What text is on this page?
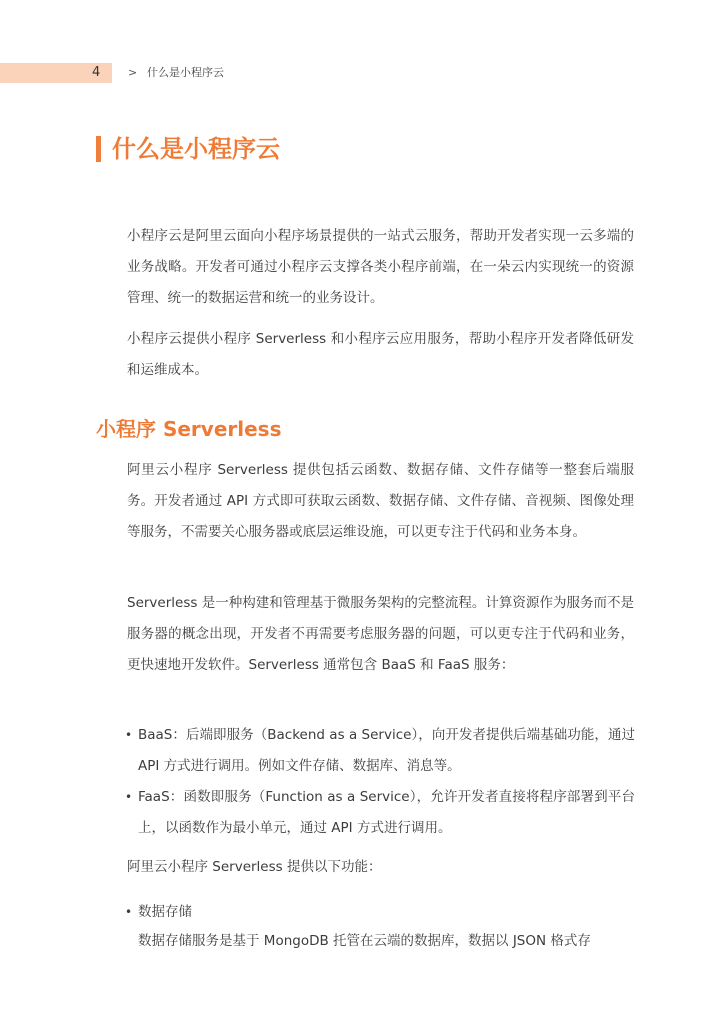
4	> 什么是小程序云
什么是小程序云

小程序云是阿里云面向小程序场景提供的一站式云服务，帮助开发者实现一云多端的业务战略。开发者可通过小程序云支撑各类小程序前端，在一朵云内实现统一的资源管理、统一的数据运营和统一的业务设计。

小程序云提供小程序 Serverless 和小程序云应用服务，帮助小程序开发者降低研发和运维成本。

小程序 Serverless

阿里云小程序 Serverless 提供包括云函数、数据存储、文件存储等一整套后端服务。开发者通过 API 方式即可获取云函数、数据存储、文件存储、音视频、图像处理等服务，不需要关心服务器或底层运维设施，可以更专注于代码和业务本身。

Serverless 是一种构建和管理基于微服务架构的完整流程。计算资源作为服务而不是服务器的概念出现，开发者不再需要考虑服务器的问题，可以更专注于代码和业务，更快速地开发软件。Serverless 通常包含 BaaS 和 FaaS 服务：

• BaaS：后端即服务（Backend as a Service），向开发者提供后端基础功能，通过 API 方式进行调用。例如文件存储、数据库、消息等。
• FaaS：函数即服务（Function as a Service），允许开发者直接将程序部署到平台上，以函数作为最小单元，通过 API 方式进行调用。

阿里云小程序 Serverless 提供以下功能：

• 数据存储

数据存储服务是基于 MongoDB 托管在云端的数据库，数据以 JSON 格式存
